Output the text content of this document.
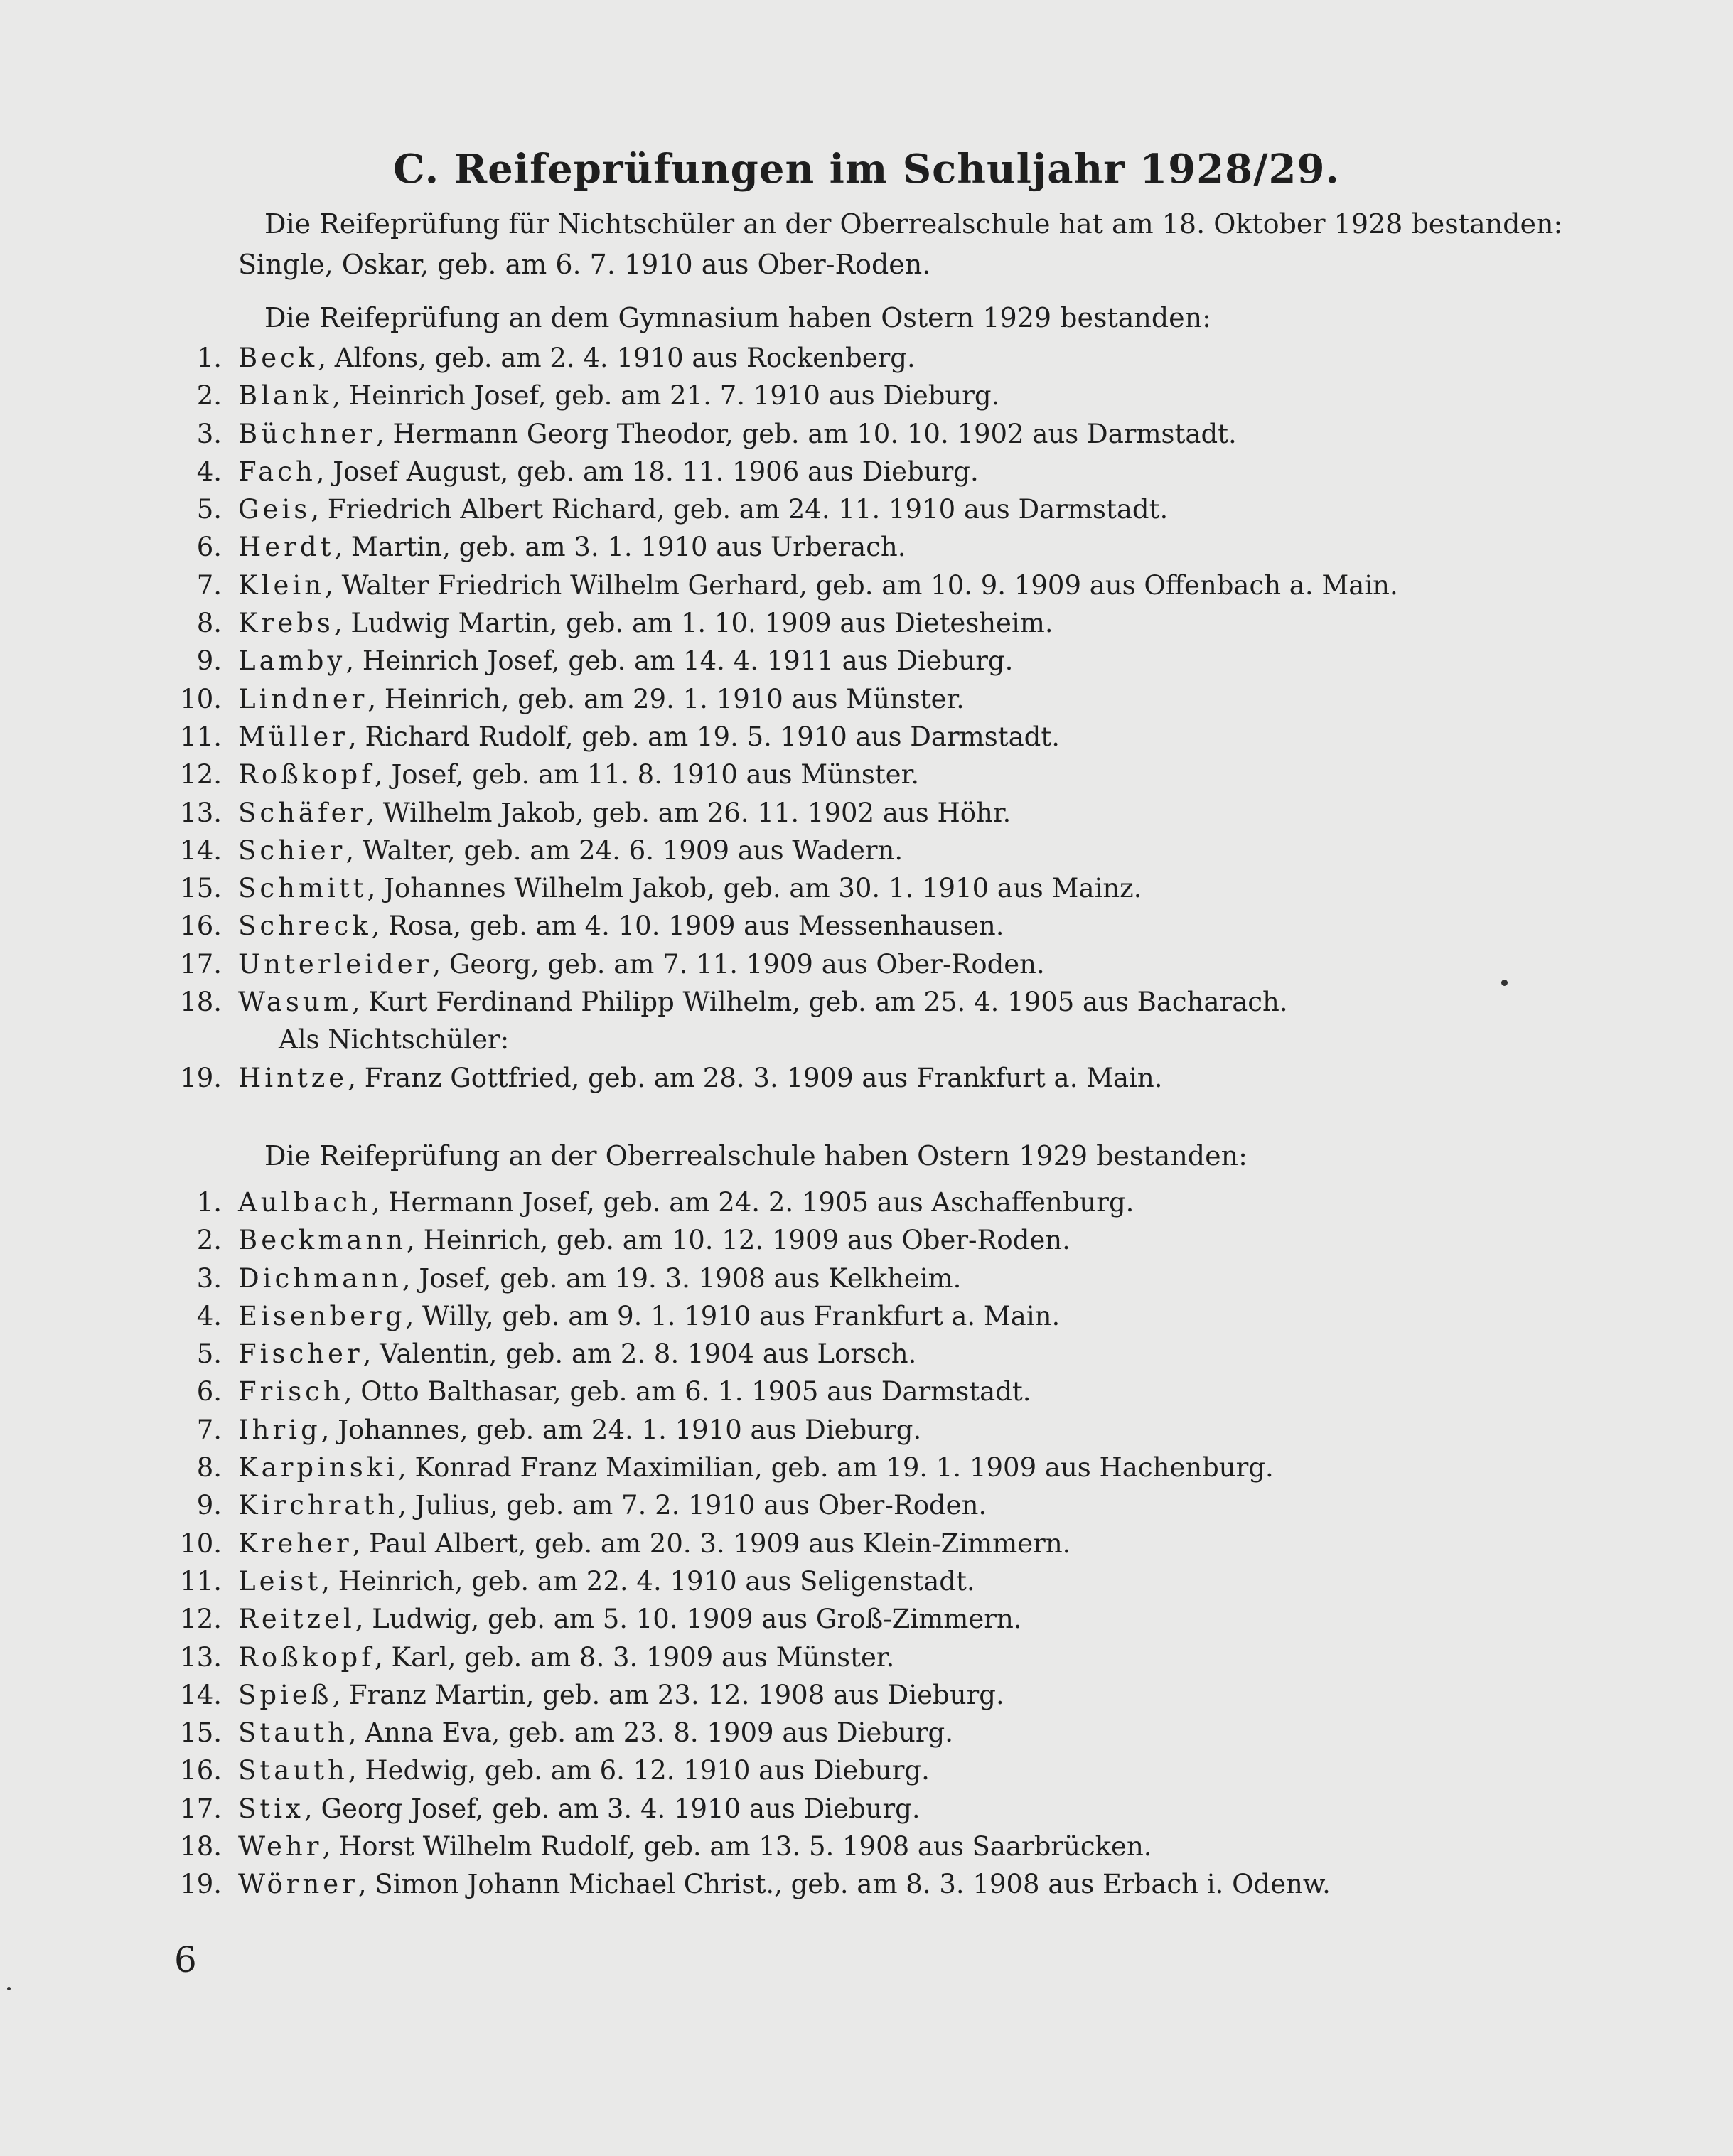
C. Reifeprüfungen im Schuljahr 1928/29.
Die Reifeprüfung für Nichtschüler an der Oberrealschule hat am 18. Oktober 1928 bestanden:
Single, Oskar, geb. am 6. 7. 1910 aus Ober-Roden.
Die Reifeprüfung an dem Gymnasium haben Ostern 1929 bestanden:
1. Beck, Alfons, geb. am 2. 4. 1910 aus Rockenberg.
2. Blank, Heinrich Josef, geb. am 21. 7. 1910 aus Dieburg.
3. Büchner, Hermann Georg Theodor, geb. am 10. 10. 1902 aus Darmstadt.
4. Fach, Josef August, geb. am 18. 11. 1906 aus Dieburg.
5. Geis, Friedrich Albert Richard, geb. am 24. 11. 1910 aus Darmstadt.
6. Herdt, Martin, geb. am 3. 1. 1910 aus Urberach.
7. Klein, Walter Friedrich Wilhelm Gerhard, geb. am 10. 9. 1909 aus Offenbach a. Main.
8. Krebs, Ludwig Martin, geb. am 1. 10. 1909 aus Dietesheim.
9. Lamby, Heinrich Josef, geb. am 14. 4. 1911 aus Dieburg.
10. Lindner, Heinrich, geb. am 29. 1. 1910 aus Münster.
11. Müller, Richard Rudolf, geb. am 19. 5. 1910 aus Darmstadt.
12. Roßkopf, Josef, geb. am 11. 8. 1910 aus Münster.
13. Schäfer, Wilhelm Jakob, geb. am 26. 11. 1902 aus Höhr.
14. Schier, Walter, geb. am 24. 6. 1909 aus Wadern.
15. Schmitt, Johannes Wilhelm Jakob, geb. am 30. 1. 1910 aus Mainz.
16. Schreck, Rosa, geb. am 4. 10. 1909 aus Messenhausen.
17. Unterleider, Georg, geb. am 7. 11. 1909 aus Ober-Roden.
18. Wasum, Kurt Ferdinand Philipp Wilhelm, geb. am 25. 4. 1905 aus Bacharach.
Als Nichtschüler:
19. Hintze, Franz Gottfried, geb. am 28. 3. 1909 aus Frankfurt a. Main.
Die Reifeprüfung an der Oberrealschule haben Ostern 1929 bestanden:
1. Aulbach, Hermann Josef, geb. am 24. 2. 1905 aus Aschaffenburg.
2. Beckmann, Heinrich, geb. am 10. 12. 1909 aus Ober-Roden.
3. Dichmann, Josef, geb. am 19. 3. 1908 aus Kelkheim.
4. Eisenberg, Willy, geb. am 9. 1. 1910 aus Frankfurt a. Main.
5. Fischer, Valentin, geb. am 2. 8. 1904 aus Lorsch.
6. Frisch, Otto Balthasar, geb. am 6. 1. 1905 aus Darmstadt.
7. Ihrig, Johannes, geb. am 24. 1. 1910 aus Dieburg.
8. Karpinski, Konrad Franz Maximilian, geb. am 19. 1. 1909 aus Hachenburg.
9. Kirchrath, Julius, geb. am 7. 2. 1910 aus Ober-Roden.
10. Kreher, Paul Albert, geb. am 20. 3. 1909 aus Klein-Zimmern.
11. Leist, Heinrich, geb. am 22. 4. 1910 aus Seligenstadt.
12. Reitzel, Ludwig, geb. am 5. 10. 1909 aus Groß-Zimmern.
13. Roßkopf, Karl, geb. am 8. 3. 1909 aus Münster.
14. Spieß, Franz Martin, geb. am 23. 12. 1908 aus Dieburg.
15. Stauth, Anna Eva, geb. am 23. 8. 1909 aus Dieburg.
16. Stauth, Hedwig, geb. am 6. 12. 1910 aus Dieburg.
17. Stix, Georg Josef, geb. am 3. 4. 1910 aus Dieburg.
18. Wehr, Horst Wilhelm Rudolf, geb. am 13. 5. 1908 aus Saarbrücken.
19. Wörner, Simon Johann Michael Christ., geb. am 8. 3. 1908 aus Erbach i. Odenw.
6
